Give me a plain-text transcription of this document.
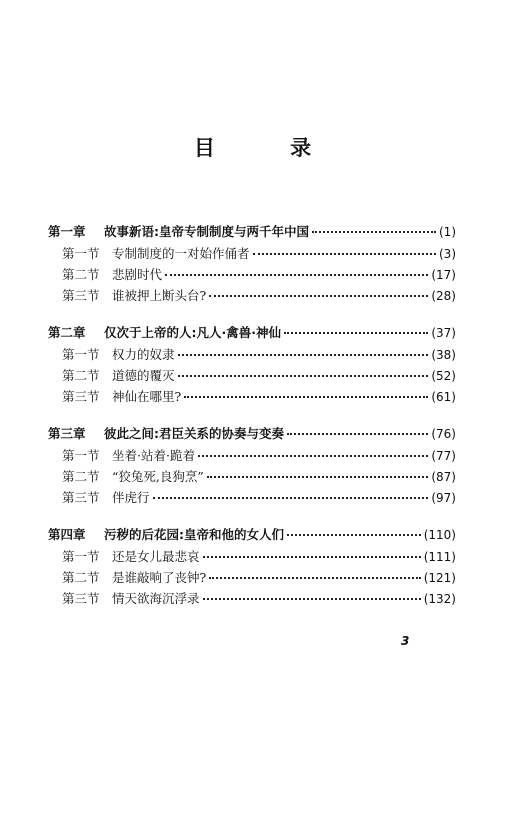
目 录
第一章	故事新语:皇帝专制制度与两千年中国	(1)
第一节 专制制度的一对始作俑者	(3)
第二节 悲剧时代	(17)
第三节 谁被押上断头台?	(28)
第二章	仅次于上帝的人:凡人·禽兽·神仙	(37)
第一节 权力的奴隶	(38)
第二节 道德的覆灭	(52)
第三节 神仙在哪里?	(61)
第三章	彼此之间:君臣关系的协奏与变奏	(76)
第一节 坐着·站着·跪着	(77)
第二节 “狡兔死,良狗烹”	(87)
第三节 伴虎行	(97)
第四章	污秽的后花园:皇帝和他的女人们	(110)
第一节 还是女儿最悲哀	(111)
第二节 是谁敲响了丧钟?	(121)
第三节 情天欲海沉浮录	(132)
3
